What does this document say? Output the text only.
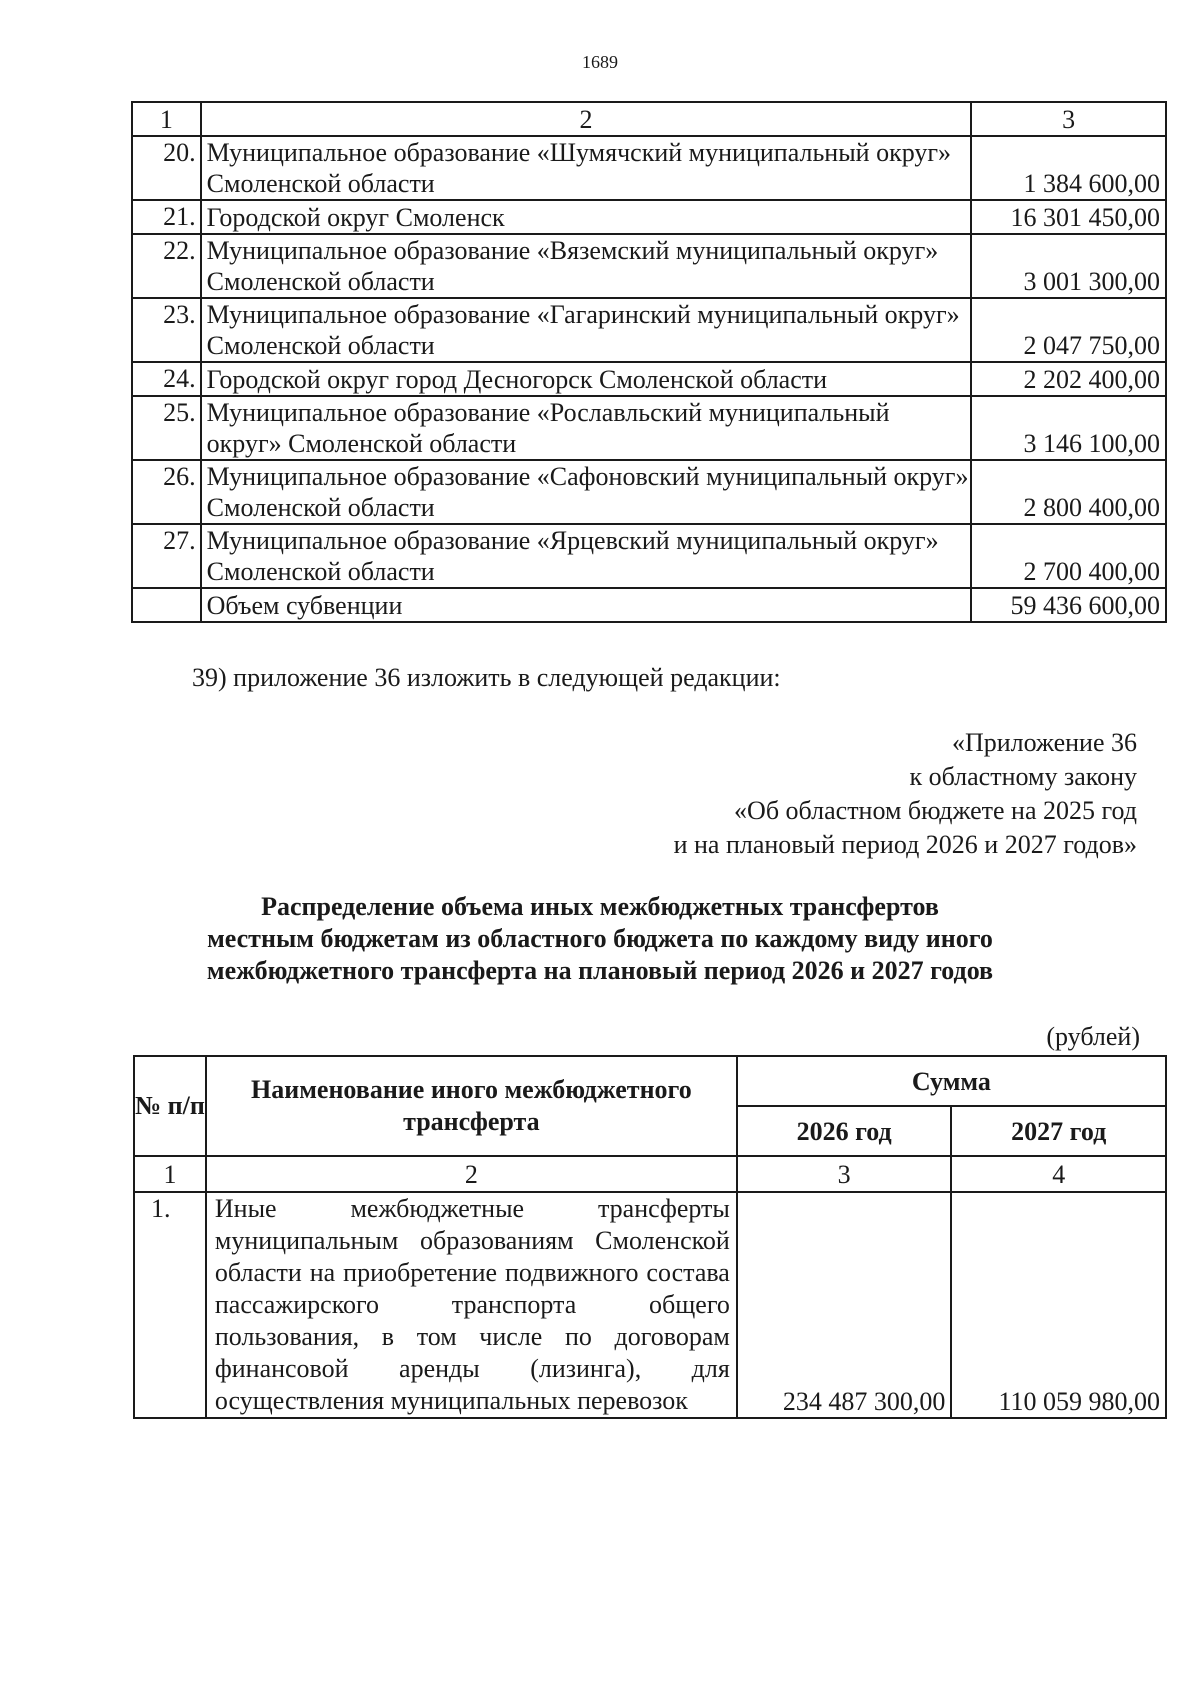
1689
1	2	3
20.	Муниципальное образование «Шумячский муниципальный округ» Смоленской области	1 384 600,00
21.	Городской округ Смоленск	16 301 450,00
22.	Муниципальное образование «Вяземский муниципальный округ» Смоленской области	3 001 300,00
23.	Муниципальное образование «Гагаринский муниципальный округ» Смоленской области	2 047 750,00
24.	Городской округ город Десногорск Смоленской области	2 202 400,00
25.	Муниципальное образование «Рославльский муниципальный округ» Смоленской области	3 146 100,00
26.	Муниципальное образование «Сафоновский муниципальный округ» Смоленской области	2 800 400,00
27.	Муниципальное образование «Ярцевский муниципальный округ» Смоленской области	2 700 400,00
	Объем субвенции	59 436 600,00
39) приложение 36 изложить в следующей редакции:
«Приложение 36
к областному закону
«Об областном бюджете на 2025 год
и на плановый период 2026 и 2027 годов»
Распределение объема иных межбюджетных трансфертов
местным бюджетам из областного бюджета по каждому виду иного
межбюджетного трансферта на плановый период 2026 и 2027 годов
(рублей)
№ п/п	Наименование иного межбюджетного трансферта	Сумма	
		2026 год	2027 год
1	2	3	4
1.	Иные межбюджетные трансферты муниципальным образованиям Смоленской области на приобретение подвижного состава пассажирского транспорта общего пользования, в том числе по договорам финансовой аренды (лизинга), для осуществления муниципальных перевозок	234 487 300,00	110 059 980,00
